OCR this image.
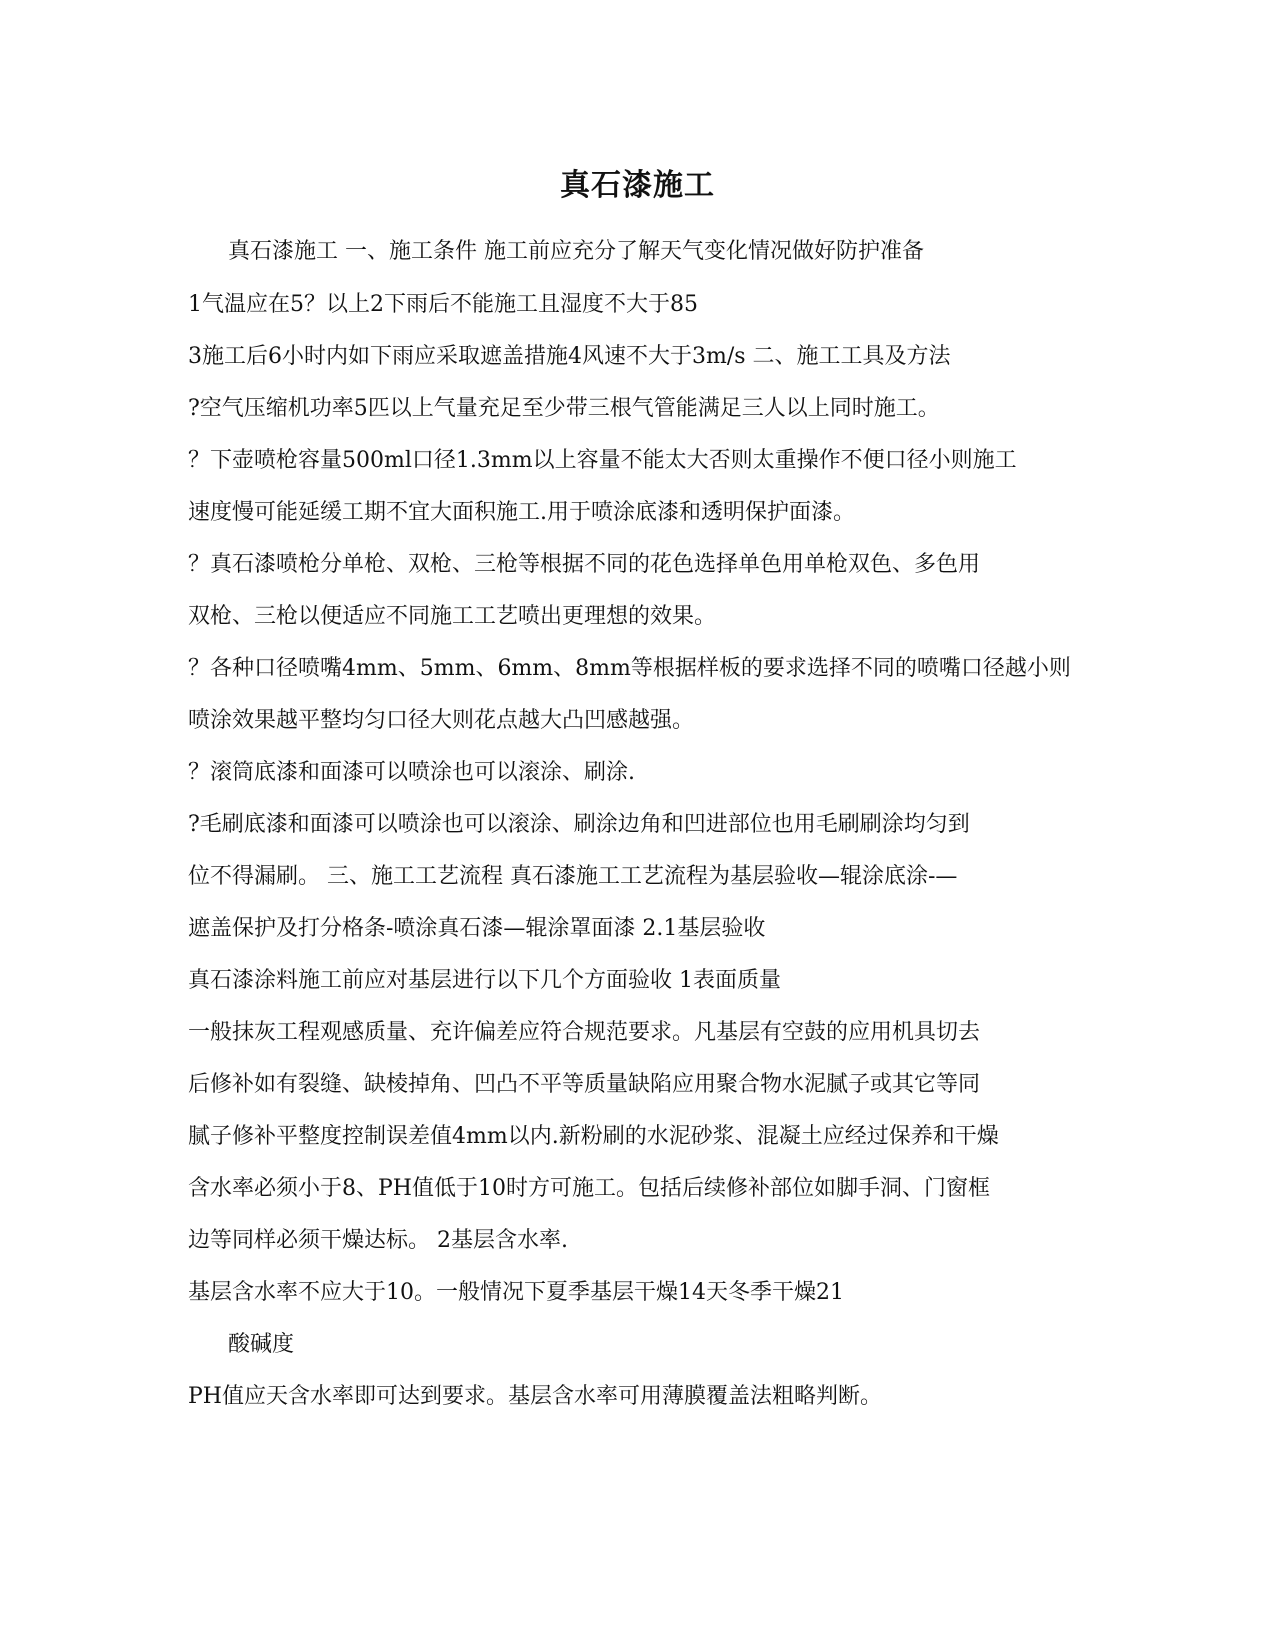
真石漆施工

真石漆施工 一、施工条件 施工前应充分了解天气变化情况做好防护准备

1气温应在5？以上2下雨后不能施工且湿度不大于85

3施工后6小时内如下雨应采取遮盖措施4风速不大于3m/s 二、施工工具及方法

?空气压缩机功率5匹以上气量充足至少带三根气管能满足三人以上同时施工。

？下壶喷枪容量500ml口径1.3mm以上容量不能太大否则太重操作不便口径小则施工

速度慢可能延缓工期不宜大面积施工.用于喷涂底漆和透明保护面漆。

？真石漆喷枪分单枪、双枪、三枪等根据不同的花色选择单色用单枪双色、多色用

双枪、三枪以便适应不同施工工艺喷出更理想的效果。

？各种口径喷嘴4mm、5mm、6mm、8mm等根据样板的要求选择不同的喷嘴口径越小则

喷涂效果越平整均匀口径大则花点越大凸凹感越强。

？滚筒底漆和面漆可以喷涂也可以滚涂、刷涂.

?毛刷底漆和面漆可以喷涂也可以滚涂、刷涂边角和凹进部位也用毛刷刷涂均匀到

位不得漏刷。 三、施工工艺流程 真石漆施工工艺流程为基层验收—辊涂底涂-—

遮盖保护及打分格条-喷涂真石漆—辊涂罩面漆 2.1基层验收

真石漆涂料施工前应对基层进行以下几个方面验收 1表面质量

一般抹灰工程观感质量、充许偏差应符合规范要求。凡基层有空鼓的应用机具切去

后修补如有裂缝、缺棱掉角、凹凸不平等质量缺陷应用聚合物水泥腻子或其它等同

腻子修补平整度控制误差值4mm以内.新粉刷的水泥砂浆、混凝土应经过保养和干燥

含水率必须小于8、PH值低于10时方可施工。包括后续修补部位如脚手洞、门窗框

边等同样必须干燥达标。 2基层含水率.

基层含水率不应大于10。一般情况下夏季基层干燥14天冬季干燥21

酸碱度

PH值应天含水率即可达到要求。基层含水率可用薄膜覆盖法粗略判断。
